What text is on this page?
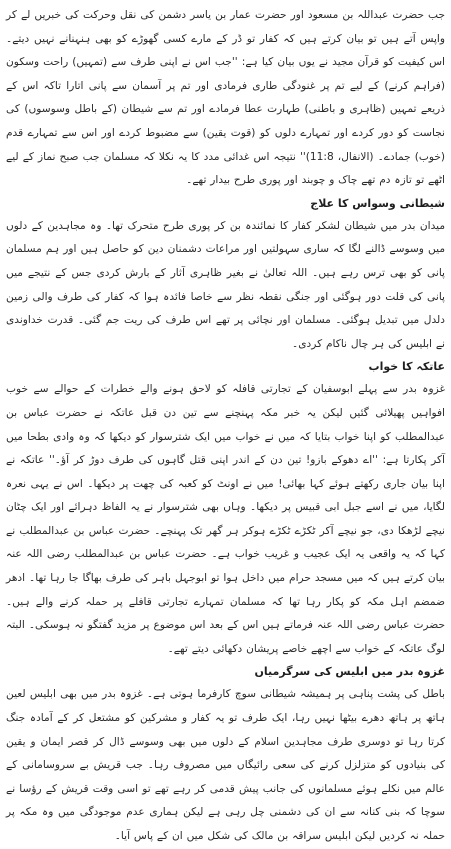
جب حضرت عبداللہ بن مسعود اور حضرت عمار بن یاسر دشمن کی نقل وحرکت کی خبریں لے کر واپس آتے ہیں تو بیان کرتے ہیں کہ کفار تو ڈر کے مارے کسی گھوڑے کو بھی ہنہنانے نہیں دیتے۔ اس کیفیت کو قرآن مجید نے یوں بیان کیا ہے: ''جب اس نے اپنی طرف سے (تمہیں) راحت وسکون (فراہم کرنے) کے لیے تم پر غنودگی طاری فرمادی اور تم پر آسمان سے پانی اتارا تاکہ اس کے ذریعے تمہیں (ظاہری و باطنی) طہارت عطا فرمادے اور تم سے شیطان (کے باطل وسوسوں) کی نجاست کو دور کردے اور تمہارے دلوں کو (قوت یقین) سے مضبوط کردے اور اس سے تمہارے قدم (خوب) جمادے۔ (الانفال، 11:8)'' نتیجہ اس غدائی مدد کا یہ نکلا کہ مسلمان جب صبح نماز کے لیے اٹھے تو تازہ دم تھے چاک و چوبند اور پوری طرح بیدار تھے۔

شیطانی وسواس کا علاج

میدان بدر میں شیطان لشکر کفار کا نمائندہ بن کر پوری طرح متحرک تھا۔ وہ مجاہدین کے دلوں میں وسوسے ڈالنے لگا کہ ساری سہولتیں اور مراعات دشمنان دین کو حاصل ہیں اور ہم مسلمان پانی کو بھی ترس رہے ہیں۔ اللہ تعالیٰ نے بغیر ظاہری آثار کے بارش کردی جس کے نتیجے میں پانی کی قلت دور ہوگئی اور جنگی نقطہ نظر سے خاصا فائدہ ہوا کہ کفار کی طرف والی زمین دلدل میں تبدیل ہوگئی۔ مسلمان اور نچائی پر تھے اس طرف کی ریت جم گئی۔ قدرت خداوندی نے ابلیس کی ہر چال ناکام کردی۔

عاتکہ کا خواب

غزوہ بدر سے پہلے ابوسفیان کے تجارتی قافلہ کو لاحق ہونے والے خطرات کے حوالے سے خوب افواہیں پھیلائی گئیں لیکن یہ خبر مکہ پہنچنے سے تین دن قبل عاتکہ نے حضرت عباس بن عبدالمطلب کو اپنا خواب بتایا کہ میں نے خواب میں ایک شترسوار کو دیکھا کہ وہ وادی بطحا میں آکر پکارتا ہے: ''اے دھوکے بازو! تین دن کے اندر اپنی قتل گاہوں کی طرف دوڑ کر آؤ۔'' عاتکہ نے اپنا بیان جاری رکھتے ہوئے کہا بھائی! میں نے اونٹ کو کعبہ کی چھت پر دیکھا۔ اس نے یہی نعرہ لگایا، میں نے اسے جبل ابی قبیس پر دیکھا۔ وہاں بھی شترسوار نے یہ الفاظ دہرائے اور ایک چٹان نیچے لڑھکا دی، جو نیچے آکر ٹکڑے ٹکڑے ہوکر ہر گھر تک پہنچے۔ حضرت عباس بن عبدالمطلب نے کہا کہ یہ واقعی یہ ایک عجیب و غریب خواب ہے۔ حضرت عباس بن عبدالمطلب رضی اللہ عنہ بیان کرتے ہیں کہ میں مسجد حرام میں داخل ہوا تو ابوجہل باہر کی طرف بھاگا جا رہا تھا۔ ادھر ضمضم اہل مکہ کو پکار رہا تھا کہ مسلمان تمہارے تجارتی قافلے پر حملہ کرنے والے ہیں۔ حضرت عباس رضی اللہ عنہ فرماتے ہیں اس کے بعد اس موضوع پر مزید گفتگو نہ ہوسکی۔ البتہ لوگ عاتکہ کے خواب سے اچھے خاصے پریشان دکھائی دیتے تھے۔

غزوہ بدر میں ابلیس کی سرگرمیاں

باطل کی پشت پناہی پر ہمیشہ شیطانی سوچ کارفرما ہوتی ہے۔ غزوہ بدر میں بھی ابلیس لعین ہاتھ پر ہاتھ دھرے بیٹھا نہیں رہا، ایک طرف تو یہ کفار و مشرکین کو مشتعل کر کے آمادہ جنگ کرتا رہا تو دوسری طرف مجاہدین اسلام کے دلوں میں بھی وسوسے ڈال کر قصر ایمان و یقین کی بنیادوں کو متزلزل کرنے کی سعی رائیگاں میں مصروف رہا۔ جب قریش بے سروسامانی کے عالم میں نکلے ہوئے مسلمانوں کی جانب پیش قدمی کر رہے تھے تو اسی وقت قریش کے رؤسا نے سوچا کہ بنی کنانہ سے ان کی دشمنی چل رہی ہے لیکن ہماری عدم موجودگی میں وہ مکہ پر حملہ نہ کردیں لیکن ابلیس سراقہ بن مالک کی شکل میں ان کے پاس آیا۔
